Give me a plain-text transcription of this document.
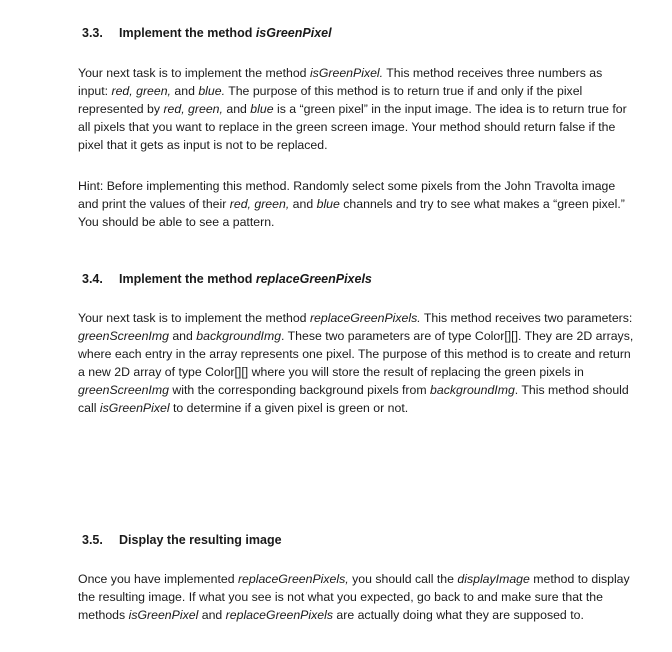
3.3. Implement the method isGreenPixel

Your next task is to implement the method isGreenPixel. This method receives three numbers as input: red, green, and blue. The purpose of this method is to return true if and only if the pixel represented by red, green, and blue is a “green pixel” in the input image. The idea is to return true for all pixels that you want to replace in the green screen image. Your method should return false if the pixel that it gets as input is not to be replaced.

Hint: Before implementing this method. Randomly select some pixels from the John Travolta image and print the values of their red, green, and blue channels and try to see what makes a “green pixel.” You should be able to see a pattern.

3.4. Implement the method replaceGreenPixels

Your next task is to implement the method replaceGreenPixels. This method receives two parameters: greenScreenImg and backgroundImg. These two parameters are of type Color[][]. They are 2D arrays, where each entry in the array represents one pixel. The purpose of this method is to create and return a new 2D array of type Color[][] where you will store the result of replacing the green pixels in greenScreenImg with the corresponding background pixels from backgroundImg. This method should call isGreenPixel to determine if a given pixel is green or not.

3.5. Display the resulting image

Once you have implemented replaceGreenPixels, you should call the displayImage method to display the resulting image. If what you see is not what you expected, go back to and make sure that the methods isGreenPixel and replaceGreenPixels are actually doing what they are supposed to.
